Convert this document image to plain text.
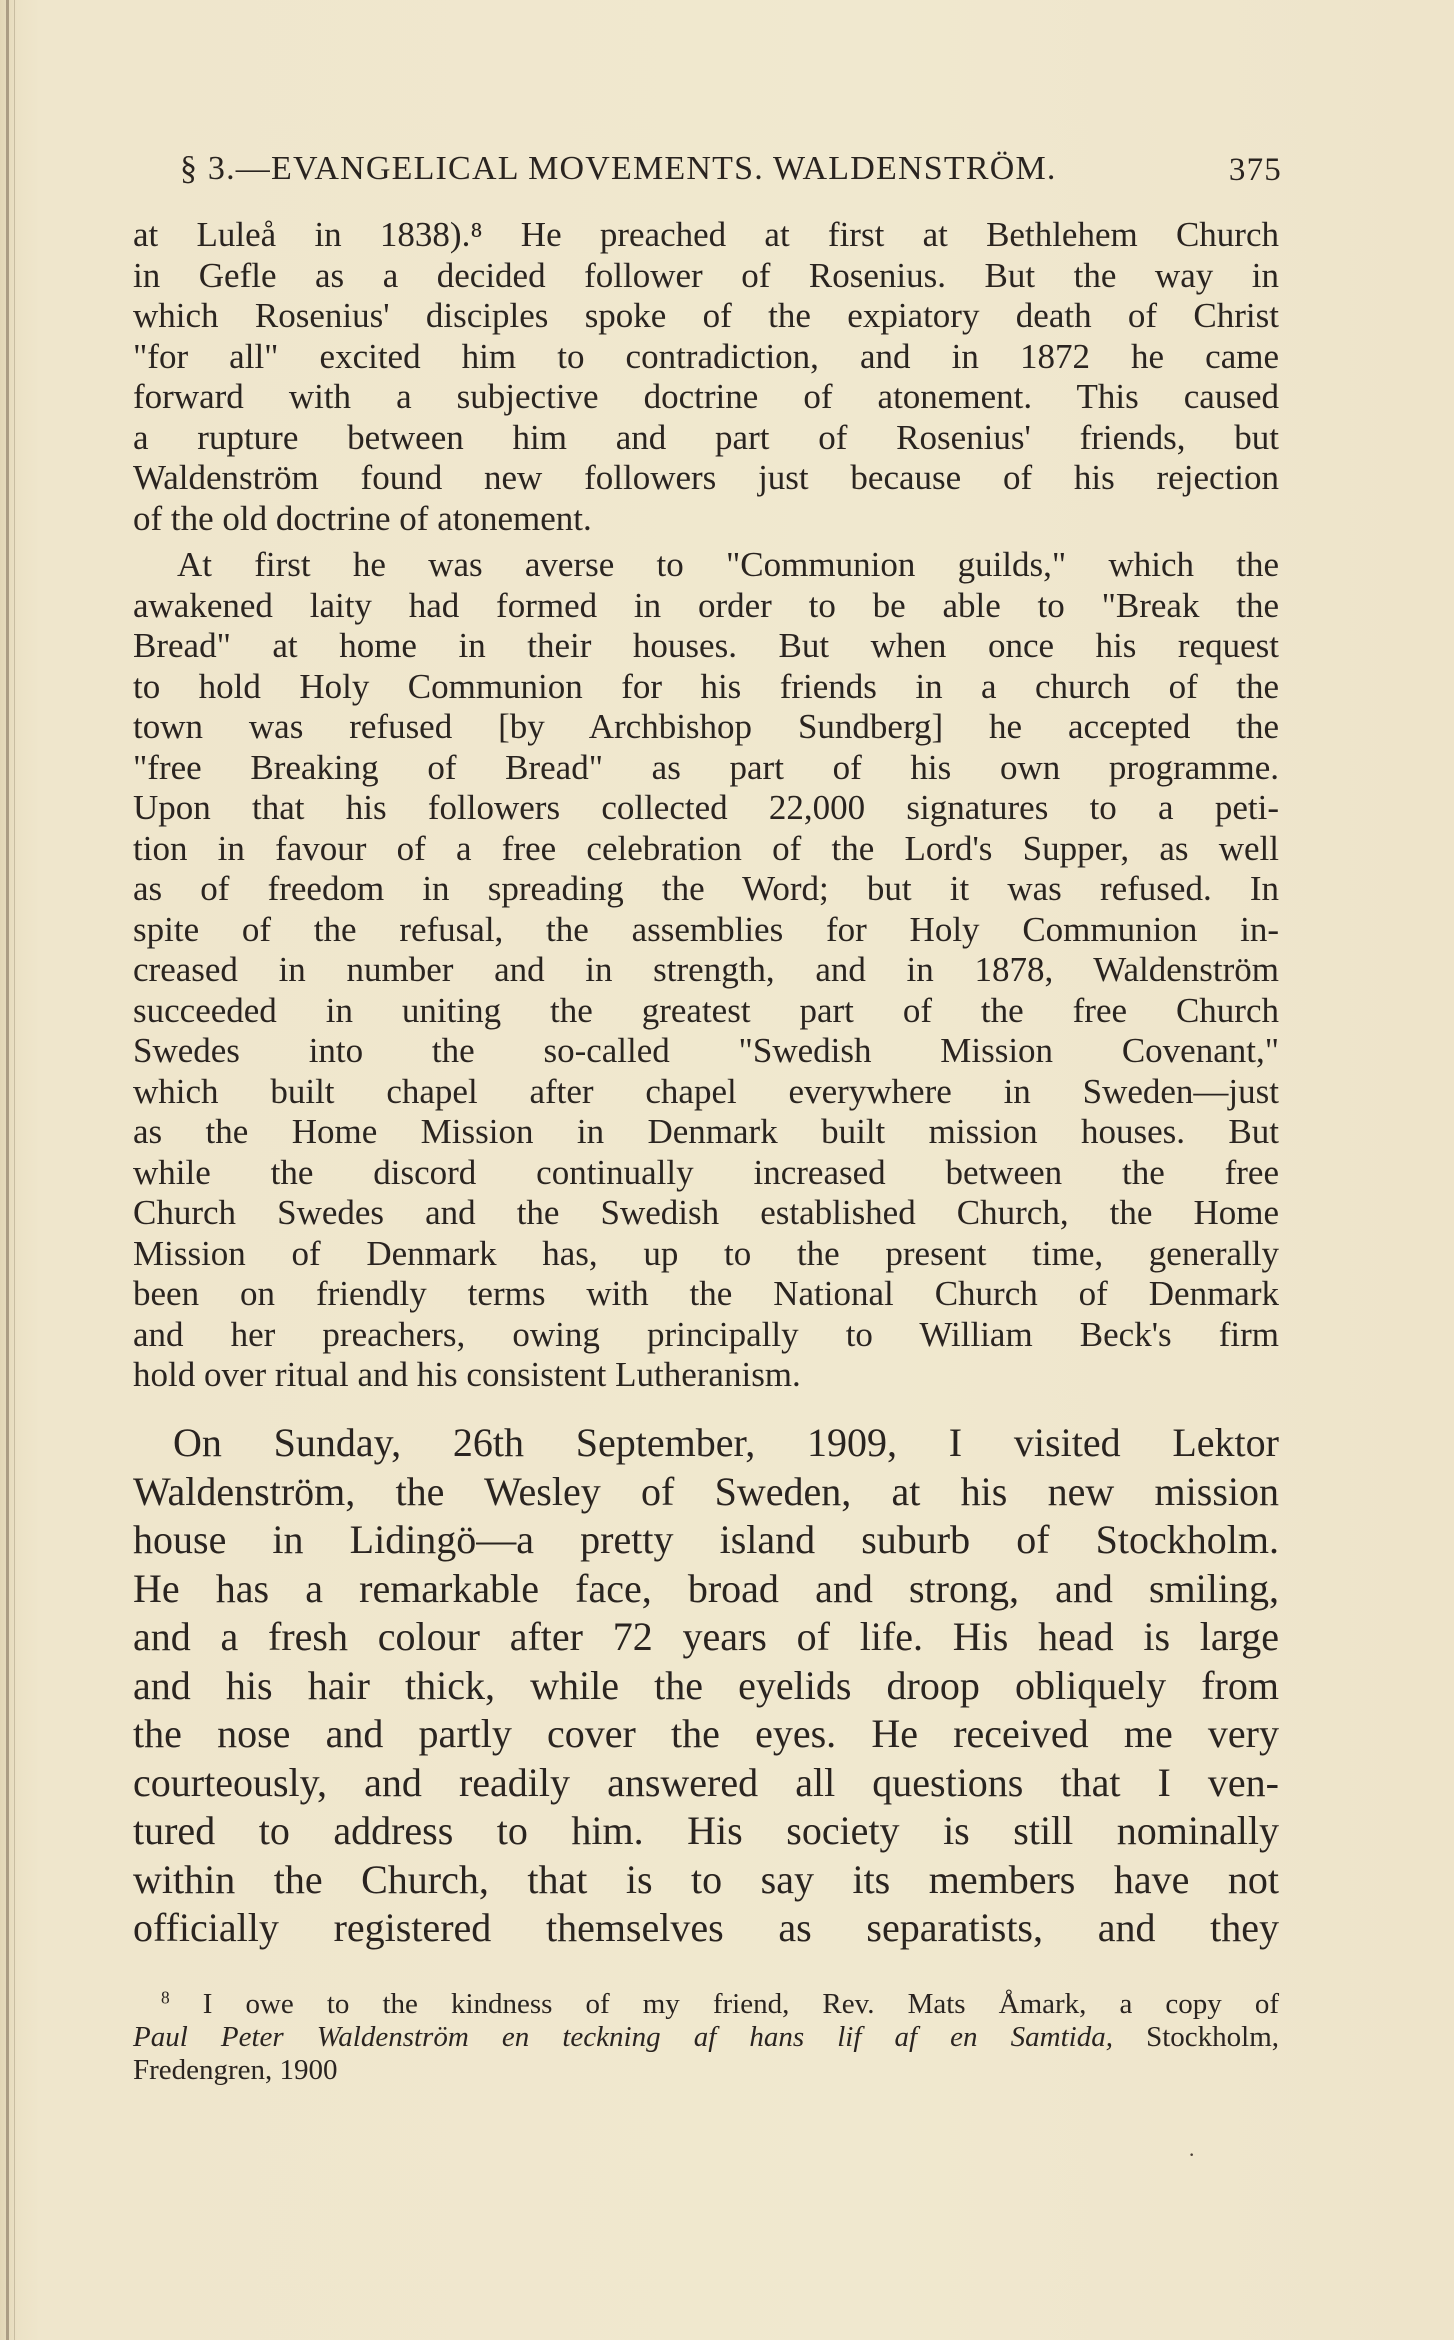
§ 3.—EVANGELICAL MOVEMENTS. WALDENSTRÖM.	375
at Luleå in 1838).⁸ He preached at first at Bethlehem Church
in Gefle as a decided follower of Rosenius. But the way in
which Rosenius' disciples spoke of the expiatory death of Christ
"for all" excited him to contradiction, and in 1872 he came
forward with a subjective doctrine of atonement. This caused
a rupture between him and part of Rosenius' friends, but
Waldenström found new followers just because of his rejection
of the old doctrine of atonement.
At first he was averse to "Communion guilds," which the
awakened laity had formed in order to be able to "Break the
Bread" at home in their houses. But when once his request
to hold Holy Communion for his friends in a church of the
town was refused [by Archbishop Sundberg] he accepted the
"free Breaking of Bread" as part of his own programme.
Upon that his followers collected 22,000 signatures to a peti-
tion in favour of a free celebration of the Lord's Supper, as well
as of freedom in spreading the Word; but it was refused. In
spite of the refusal, the assemblies for Holy Communion in-
creased in number and in strength, and in 1878, Waldenström
succeeded in uniting the greatest part of the free Church
Swedes into the so-called "Swedish Mission Covenant,"
which built chapel after chapel everywhere in Sweden—just
as the Home Mission in Denmark built mission houses. But
while the discord continually increased between the free
Church Swedes and the Swedish established Church, the Home
Mission of Denmark has, up to the present time, generally
been on friendly terms with the National Church of Denmark
and her preachers, owing principally to William Beck's firm
hold over ritual and his consistent Lutheranism.
On Sunday, 26th September, 1909, I visited Lektor
Waldenström, the Wesley of Sweden, at his new mission
house in Lidingö—a pretty island suburb of Stockholm.
He has a remarkable face, broad and strong, and smiling,
and a fresh colour after 72 years of life. His head is large
and his hair thick, while the eyelids droop obliquely from
the nose and partly cover the eyes. He received me very
courteously, and readily answered all questions that I ven-
tured to address to him. His society is still nominally
within the Church, that is to say its members have not
officially registered themselves as separatists, and they
$^8$ I owe to the kindness of my friend, Rev. Mats Åmark, a copy of
Paul Peter Waldenström en teckning af hans lif af en Samtida, Stockholm,
Fredengren, 1900
·
